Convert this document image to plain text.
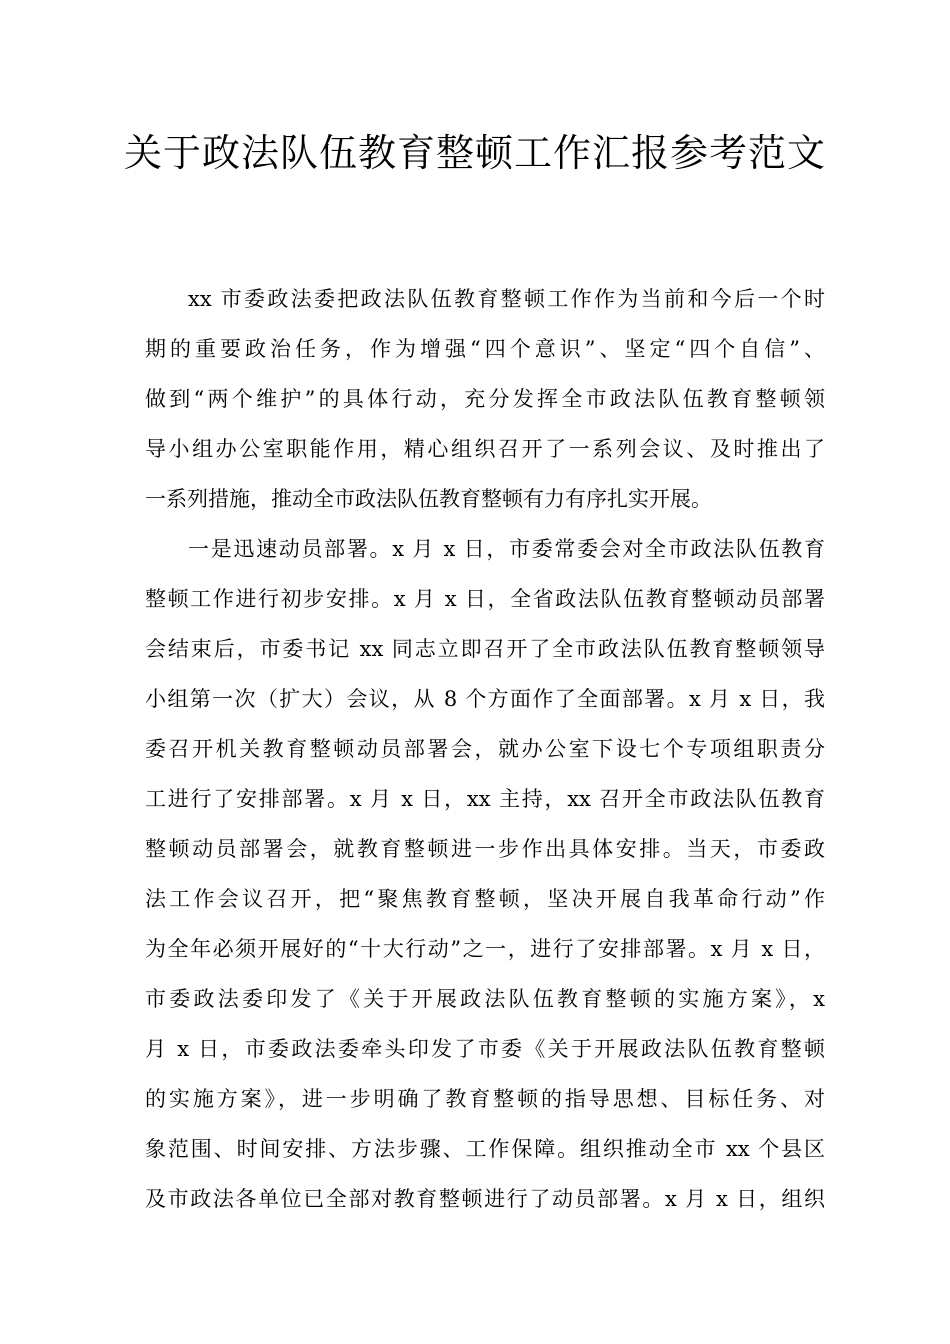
关于政法队伍教育整顿工作汇报参考范文
xx 市委政法委把政法队伍教育整顿工作作为当前和今后一个时
期的重要政治任务，作为增强“四个意识”、坚定“四个自信”、
做到“两个维护”的具体行动，充分发挥全市政法队伍教育整顿领
导小组办公室职能作用，精心组织召开了一系列会议、及时推出了
一系列措施，推动全市政法队伍教育整顿有力有序扎实开展。
一是迅速动员部署。x 月 x 日，市委常委会对全市政法队伍教育
整顿工作进行初步安排。x 月 x 日，全省政法队伍教育整顿动员部署
会结束后，市委书记 xx 同志立即召开了全市政法队伍教育整顿领导
小组第一次（扩大）会议，从 8 个方面作了全面部署。x 月 x 日，我
委召开机关教育整顿动员部署会，就办公室下设七个专项组职责分
工进行了安排部署。x 月 x 日，xx 主持，xx 召开全市政法队伍教育
整顿动员部署会，就教育整顿进一步作出具体安排。当天，市委政
法工作会议召开，把“聚焦教育整顿，坚决开展自我革命行动”作
为全年必须开展好的“十大行动”之一，进行了安排部署。x 月 x 日，
市委政法委印发了《关于开展政法队伍教育整顿的实施方案》，x
月 x 日，市委政法委牵头印发了市委《关于开展政法队伍教育整顿
的实施方案》，进一步明确了教育整顿的指导思想、目标任务、对
象范围、时间安排、方法步骤、工作保障。组织推动全市 xx 个县区
及市政法各单位已全部对教育整顿进行了动员部署。x 月 x 日，组织
